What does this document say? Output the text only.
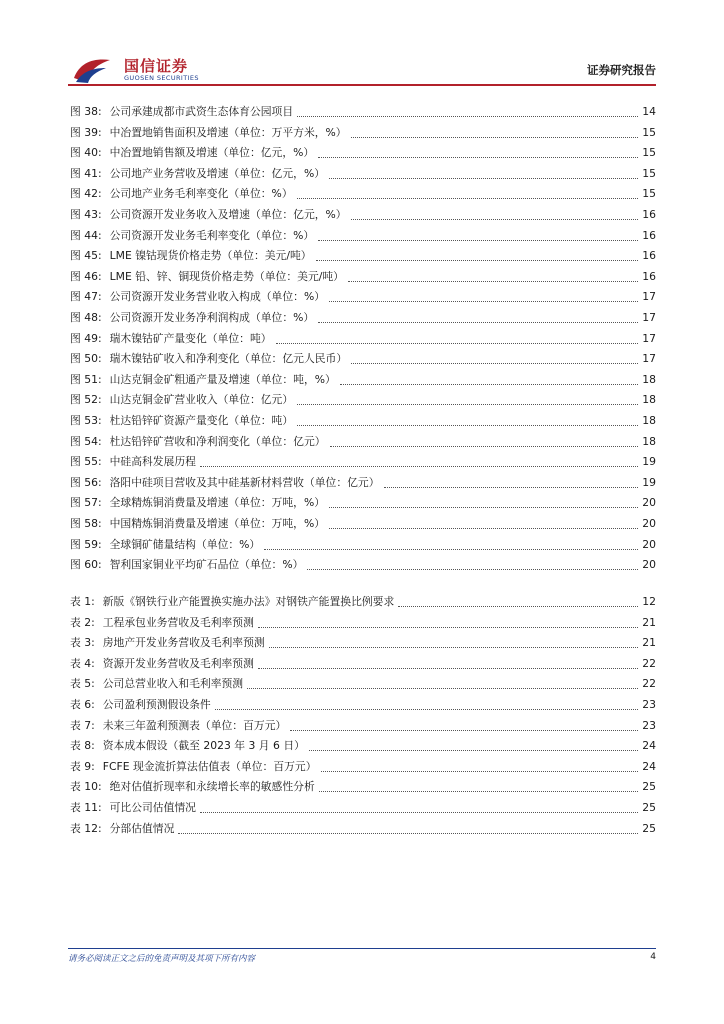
国信证券
GUOSEN SECURITIES
证券研究报告
图 38: 公司承建成都市武资生态体育公园项目	14
图 39: 中冶置地销售面积及增速（单位：万平方米，%）	15
图 40: 中冶置地销售额及增速（单位：亿元，%）	15
图 41: 公司地产业务营收及增速（单位：亿元，%）	15
图 42: 公司地产业务毛利率变化（单位：%）	15
图 43: 公司资源开发业务收入及增速（单位：亿元，%）	16
图 44: 公司资源开发业务毛利率变化（单位：%）	16
图 45: LME 镍钴现货价格走势（单位：美元/吨）	16
图 46: LME 铅、锌、铜现货价格走势（单位：美元/吨）	16
图 47: 公司资源开发业务营业收入构成（单位：%）	17
图 48: 公司资源开发业务净利润构成（单位：%）	17
图 49: 瑞木镍钴矿产量变化（单位：吨）	17
图 50: 瑞木镍钴矿收入和净利变化（单位：亿元人民币）	17
图 51: 山达克铜金矿粗通产量及增速（单位：吨，%）	18
图 52: 山达克铜金矿营业收入（单位：亿元）	18
图 53: 杜达铅锌矿资源产量变化（单位：吨）	18
图 54: 杜达铅锌矿营收和净利润变化（单位：亿元）	18
图 55: 中硅高科发展历程	19
图 56: 洛阳中硅项目营收及其中硅基新材料营收（单位：亿元）	19
图 57: 全球精炼铜消费量及增速（单位：万吨，%）	20
图 58: 中国精炼铜消费量及增速（单位：万吨，%）	20
图 59: 全球铜矿储量结构（单位：%）	20
图 60: 智利国家铜业平均矿石品位（单位：%）	20
表 1: 新版《钢铁行业产能置换实施办法》对钢铁产能置换比例要求	12
表 2: 工程承包业务营收及毛利率预测	21
表 3: 房地产开发业务营收及毛利率预测	21
表 4: 资源开发业务营收及毛利率预测	22
表 5: 公司总营业收入和毛利率预测	22
表 6: 公司盈利预测假设条件	23
表 7: 未来三年盈利预测表（单位：百万元）	23
表 8: 资本成本假设（截至 2023 年 3 月 6 日）	24
表 9: FCFE 现金流折算法估值表（单位：百万元）	24
表 10: 绝对估值折现率和永续增长率的敏感性分析	25
表 11: 可比公司估值情况	25
表 12: 分部估值情况	25
请务必阅读正文之后的免责声明及其项下所有内容	4
